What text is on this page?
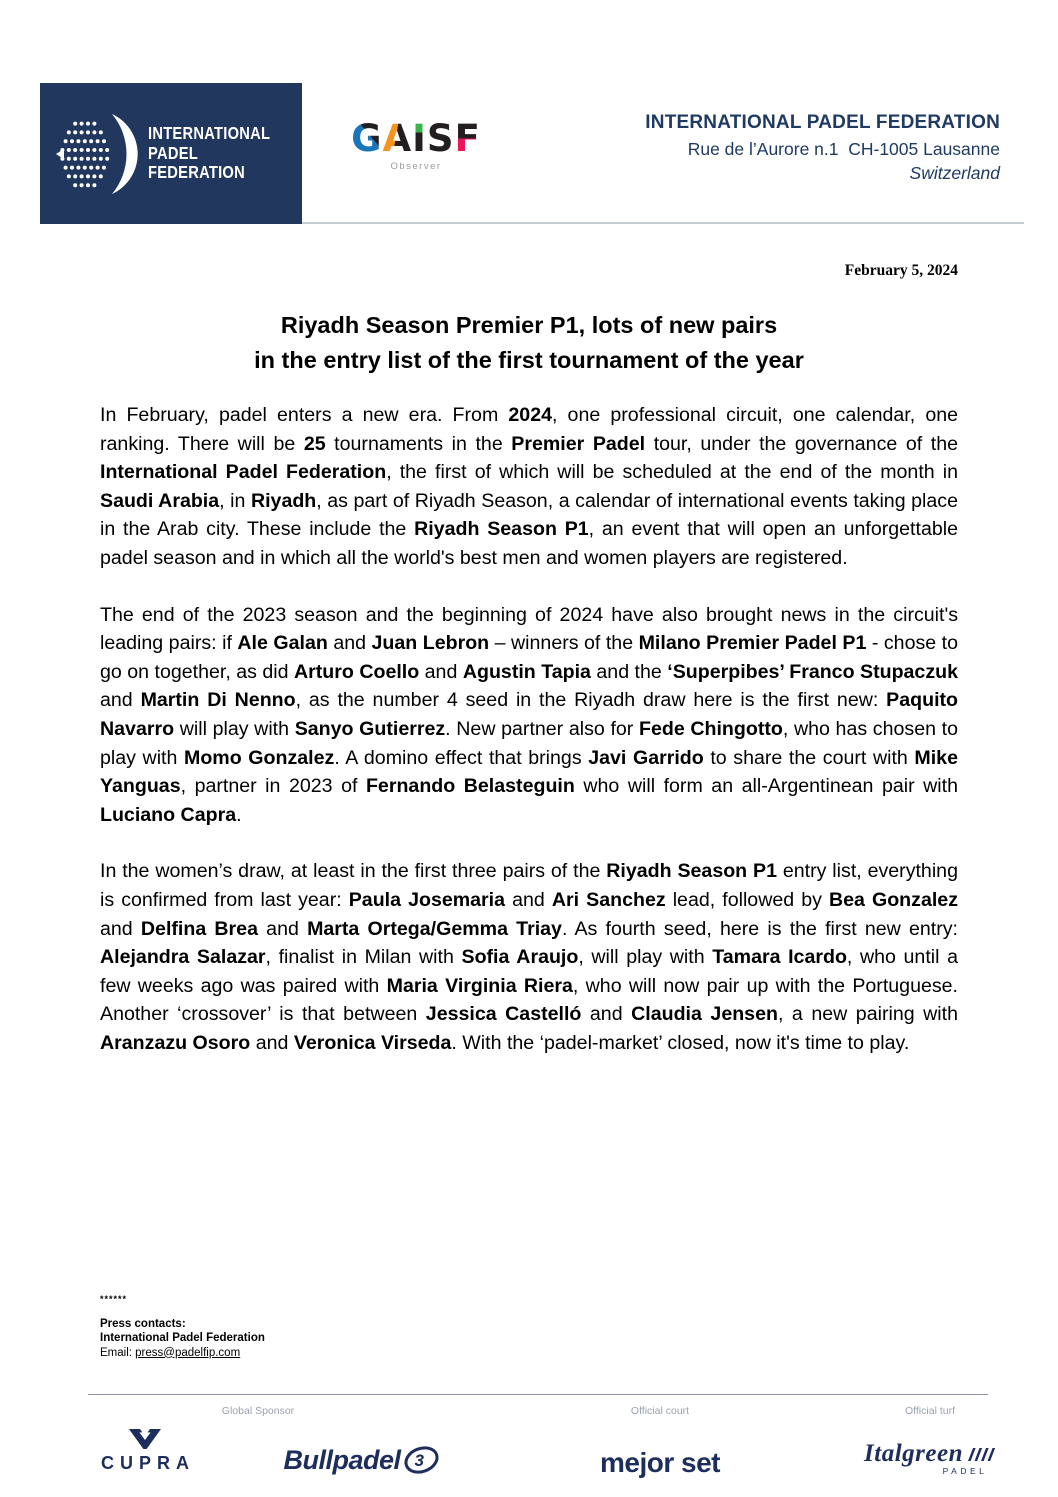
INTERNATIONAL
PADEL
FEDERATION
GAISF
Observer
INTERNATIONAL PADEL FEDERATION
Rue de l’Aurore n.1  CH-1005 Lausanne
Switzerland
February 5, 2024
Riyadh Season Premier P1, lots of new pairs
in the entry list of the first tournament of the year

In February, padel enters a new era. From 2024, one professional circuit, one calendar, one ranking. There will be 25 tournaments in the Premier Padel tour, under the governance of the International Padel Federation, the first of which will be scheduled at the end of the month in Saudi Arabia, in Riyadh, as part of Riyadh Season, a calendar of international events taking place in the Arab city. These include the Riyadh Season P1, an event that will open an unforgettable padel season and in which all the world's best men and women players are registered.

The end of the 2023 season and the beginning of 2024 have also brought news in the circuit's leading pairs: if Ale Galan and Juan Lebron – winners of the Milano Premier Padel P1 - chose to go on together, as did Arturo Coello and Agustin Tapia and the ‘Superpibes’ Franco Stupaczuk and Martin Di Nenno, as the number 4 seed in the Riyadh draw here is the first new: Paquito Navarro will play with Sanyo Gutierrez. New partner also for Fede Chingotto, who has chosen to play with Momo Gonzalez. A domino effect that brings Javi Garrido to share the court with Mike Yanguas, partner in 2023 of Fernando Belasteguin who will form an all-Argentinean pair with Luciano Capra.

In the women’s draw, at least in the first three pairs of the Riyadh Season P1 entry list, everything is confirmed from last year: Paula Josemaria and Ari Sanchez lead, followed by Bea Gonzalez and Delfina Brea and Marta Ortega/Gemma Triay. As fourth seed, here is the first new entry: Alejandra Salazar, finalist in Milan with Sofia Araujo, will play with Tamara Icardo, who until a few weeks ago was paired with Maria Virginia Riera, who will now pair up with the Portuguese. Another ‘crossover’ is that between Jessica Castelló and Claudia Jensen, a new pairing with Aranzazu Osoro and Veronica Virseda. With the ‘padel-market’ closed, now it's time to play.

******
Press contacts:
International Padel Federation
Email: press@padelfip.com
Global Sponsor	Official court	Official turf
CUPRA	Bullpadel 3	mejor set	Italgreen
PADEL
